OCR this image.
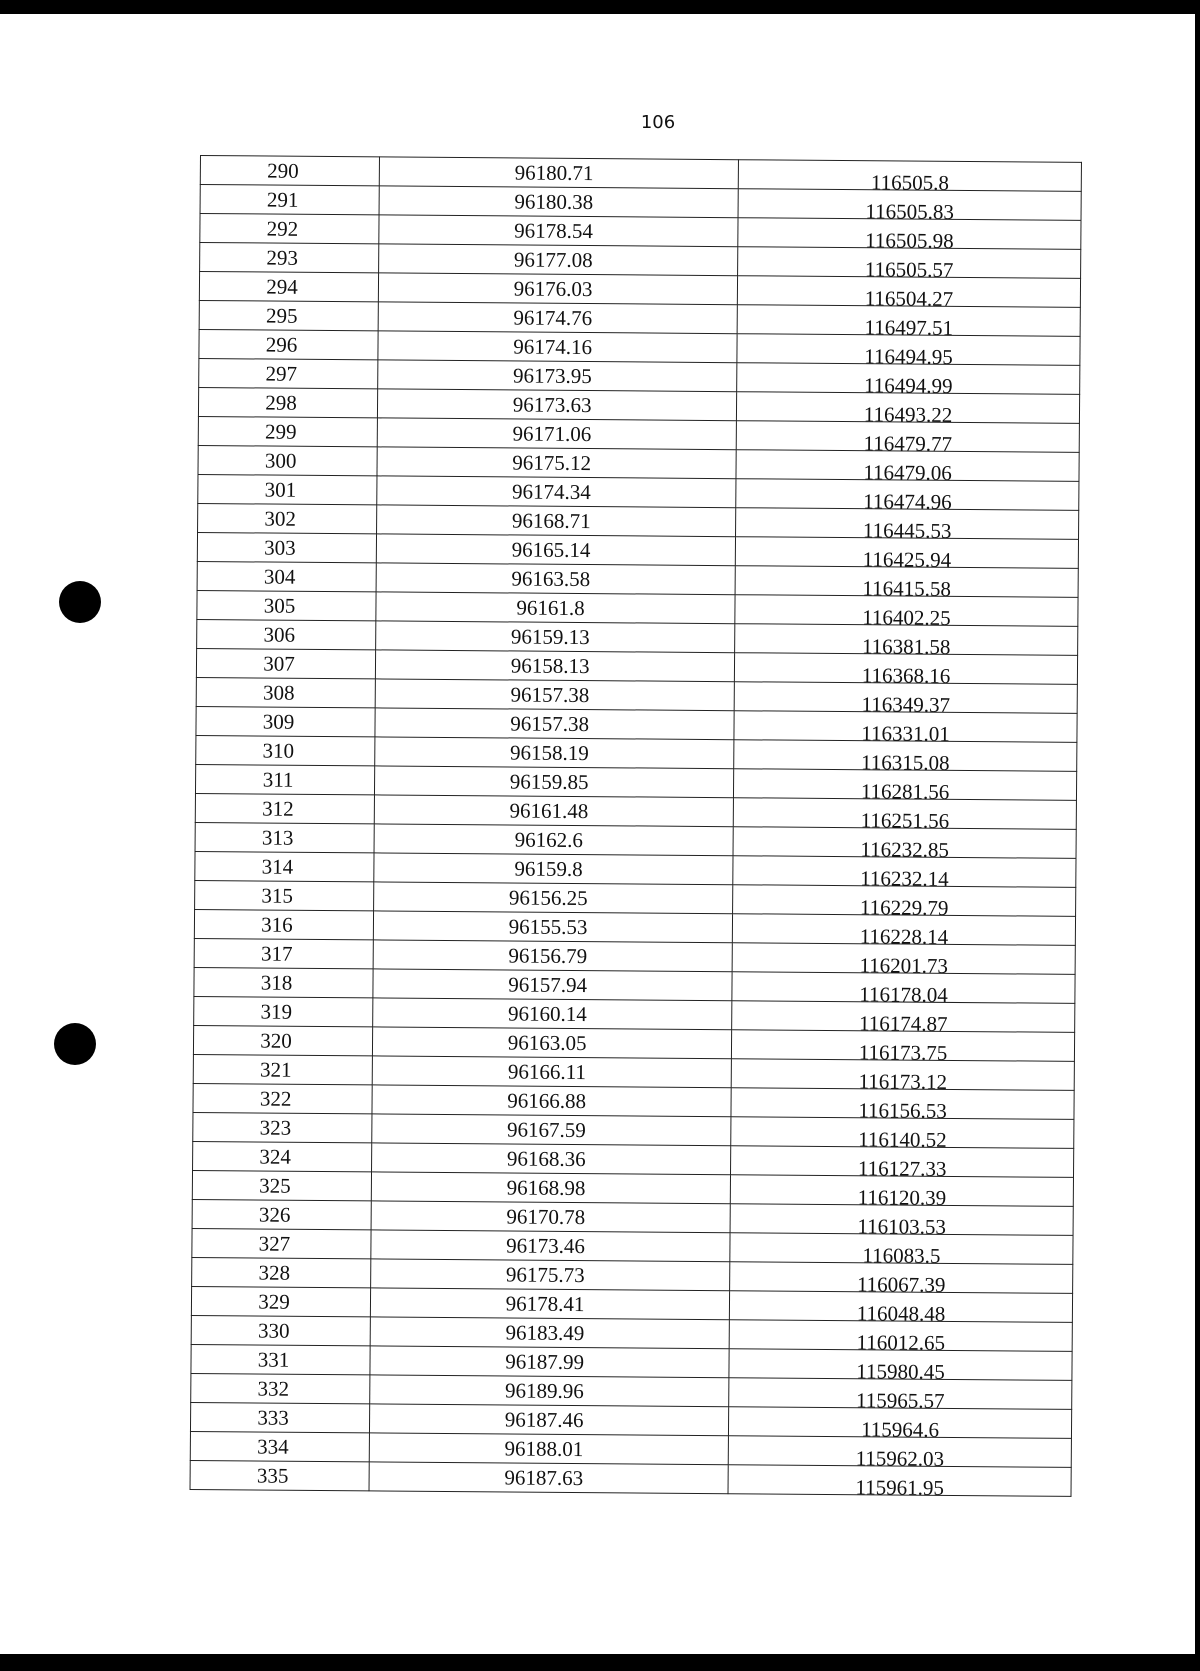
106
290	96180.71	116505.8
291	96180.38	116505.83
292	96178.54	116505.98
293	96177.08	116505.57
294	96176.03	116504.27
295	96174.76	116497.51
296	96174.16	116494.95
297	96173.95	116494.99
298	96173.63	116493.22
299	96171.06	116479.77
300	96175.12	116479.06
301	96174.34	116474.96
302	96168.71	116445.53
303	96165.14	116425.94
304	96163.58	116415.58
305	96161.8	116402.25
306	96159.13	116381.58
307	96158.13	116368.16
308	96157.38	116349.37
309	96157.38	116331.01
310	96158.19	116315.08
311	96159.85	116281.56
312	96161.48	116251.56
313	96162.6	116232.85
314	96159.8	116232.14
315	96156.25	116229.79
316	96155.53	116228.14
317	96156.79	116201.73
318	96157.94	116178.04
319	96160.14	116174.87
320	96163.05	116173.75
321	96166.11	116173.12
322	96166.88	116156.53
323	96167.59	116140.52
324	96168.36	116127.33
325	96168.98	116120.39
326	96170.78	116103.53
327	96173.46	116083.5
328	96175.73	116067.39
329	96178.41	116048.48
330	96183.49	116012.65
331	96187.99	115980.45
332	96189.96	115965.57
333	96187.46	115964.6
334	96188.01	115962.03
335	96187.63	115961.95
